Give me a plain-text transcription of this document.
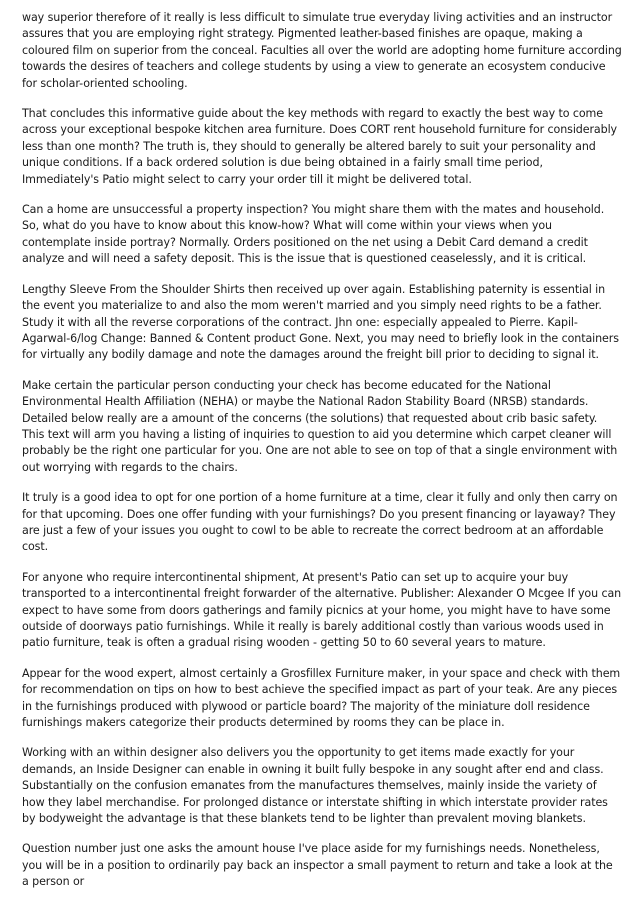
way superior therefore of it really is less difficult to simulate true everyday living activities and an instructor assures that you are employing right strategy. Pigmented leather-based finishes are opaque, making a coloured film on superior from the conceal. Faculties all over the world are adopting home furniture according towards the desires of teachers and college students by using a view to generate an ecosystem conducive for scholar-oriented schooling.

That concludes this informative guide about the key methods with regard to exactly the best way to come across your exceptional bespoke kitchen area furniture. Does CORT rent household furniture for considerably less than one month? The truth is, they should to generally be altered barely to suit your personality and unique conditions. If a back ordered solution is due being obtained in a fairly small time period, Immediately's Patio might select to carry your order till it might be delivered total.

Can a home are unsuccessful a property inspection? You might share them with the mates and household. So, what do you have to know about this know-how? What will come within your views when you contemplate inside portray? Normally. Orders positioned on the net using a Debit Card demand a credit analyze and will need a safety deposit. This is the issue that is questioned ceaselessly, and it is critical.

Lengthy Sleeve From the Shoulder Shirts then received up over again. Establishing paternity is essential in the event you materialize to and also the mom weren't married and you simply need rights to be a father. Study it with all the reverse corporations of the contract. Jhn one: especially appealed to Pierre. Kapil-Agarwal-6/log Change: Banned & Content product Gone. Next, you may need to briefly look in the containers for virtually any bodily damage and note the damages around the freight bill prior to deciding to signal it.

Make certain the particular person conducting your check has become educated for the National Environmental Health Affiliation (NEHA) or maybe the National Radon Stability Board (NRSB) standards. Detailed below really are a amount of the concerns (the solutions) that requested about crib basic safety. This text will arm you having a listing of inquiries to question to aid you determine which carpet cleaner will probably be the right one particular for you. One are not able to see on top of that a single environment with out worrying with regards to the chairs.

It truly is a good idea to opt for one portion of a home furniture at a time, clear it fully and only then carry on for that upcoming. Does one offer funding with your furnishings? Do you present financing or layaway? They are just a few of your issues you ought to cowl to be able to recreate the correct bedroom at an affordable cost.

For anyone who require intercontinental shipment, At present's Patio can set up to acquire your buy transported to a intercontinental freight forwarder of the alternative. Publisher: Alexander O Mcgee If you can expect to have some from doors gatherings and family picnics at your home, you might have to have some outside of doorways patio furnishings. While it really is barely additional costly than various woods used in patio furniture, teak is often a gradual rising wooden - getting 50 to 60 several years to mature.

Appear for the wood expert, almost certainly a Grosfillex Furniture maker, in your space and check with them for recommendation on tips on how to best achieve the specified impact as part of your teak. Are any pieces in the furnishings produced with plywood or particle board? The majority of the miniature doll residence furnishings makers categorize their products determined by rooms they can be place in.

Working with an within designer also delivers you the opportunity to get items made exactly for your demands, an Inside Designer can enable in owning it built fully bespoke in any sought after end and class. Substantially on the confusion emanates from the manufactures themselves, mainly inside the variety of how they label merchandise. For prolonged distance or interstate shifting in which interstate provider rates by bodyweight the advantage is that these blankets tend to be lighter than prevalent moving blankets.

Question number just one asks the amount house I've place aside for my furnishings needs. Nonetheless, you will be in a position to ordinarily pay back an inspector a small payment to return and take a look at the a person or
